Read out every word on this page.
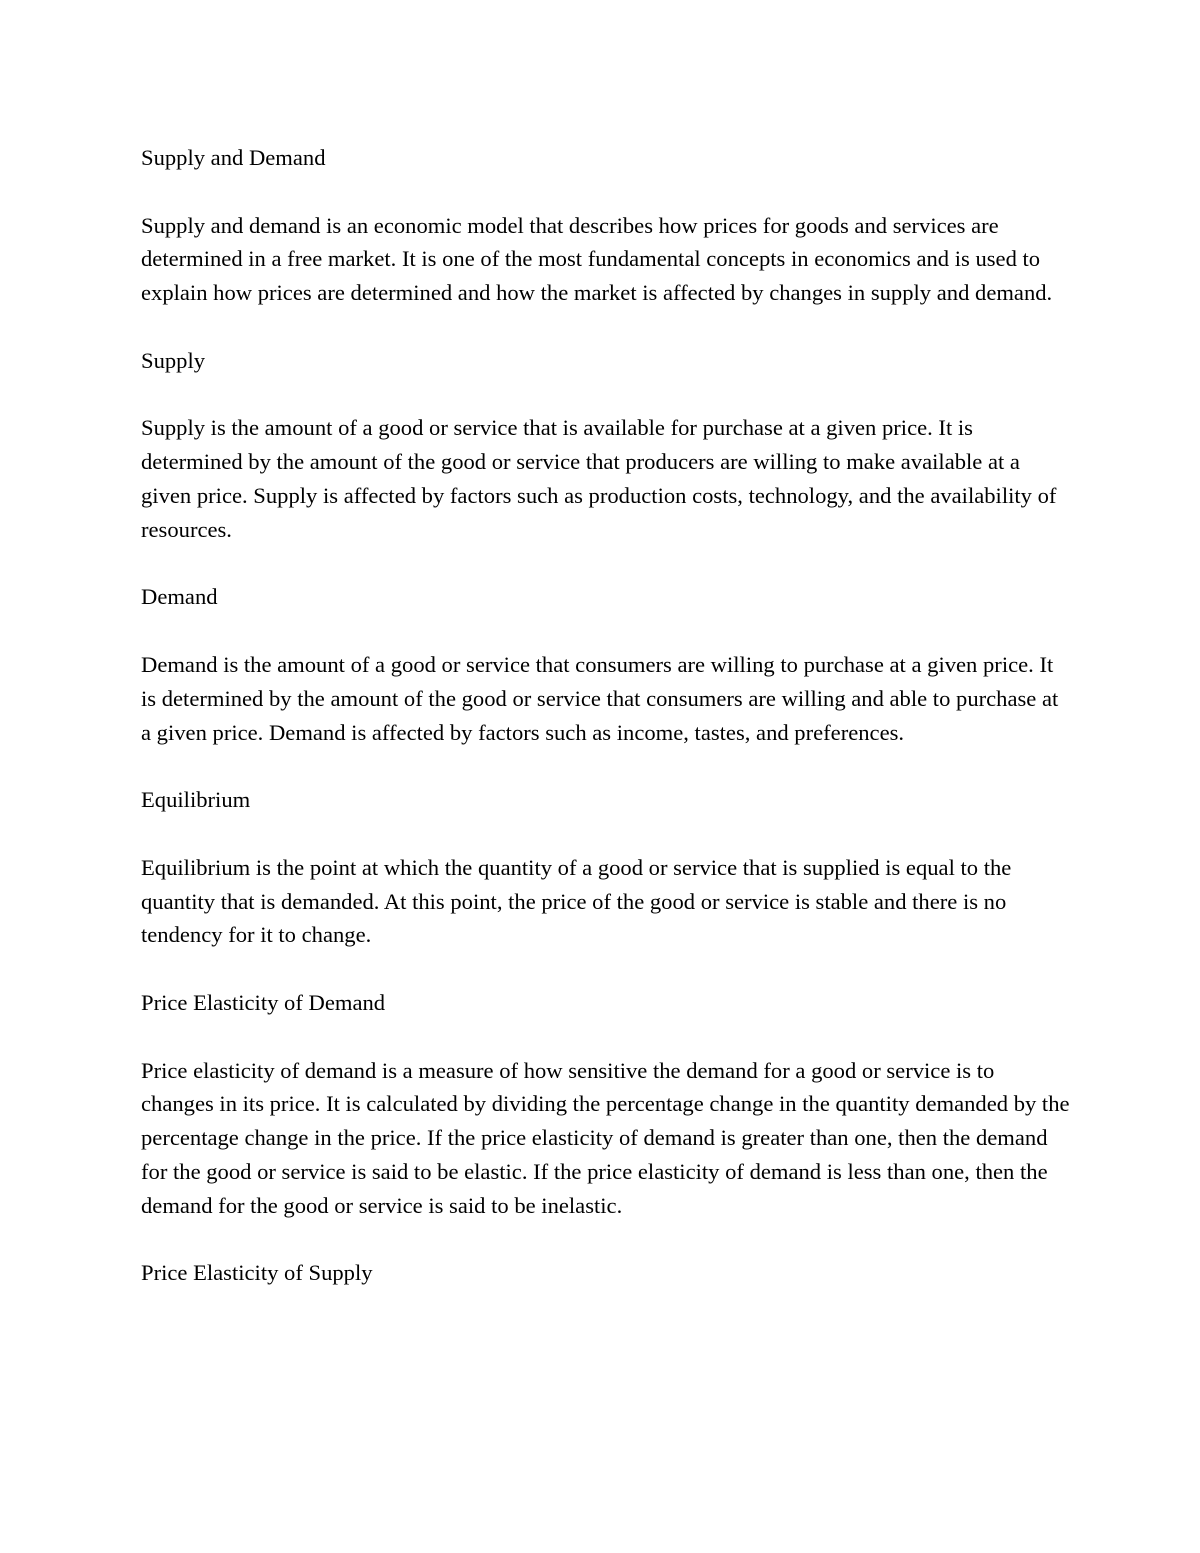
Supply and Demand

Supply and demand is an economic model that describes how prices for goods and services are determined in a free market. It is one of the most fundamental concepts in economics and is used to explain how prices are determined and how the market is affected by changes in supply and demand.

Supply

Supply is the amount of a good or service that is available for purchase at a given price. It is determined by the amount of the good or service that producers are willing to make available at a given price. Supply is affected by factors such as production costs, technology, and the availability of resources.

Demand

Demand is the amount of a good or service that consumers are willing to purchase at a given price. It is determined by the amount of the good or service that consumers are willing and able to purchase at a given price. Demand is affected by factors such as income, tastes, and preferences.

Equilibrium

Equilibrium is the point at which the quantity of a good or service that is supplied is equal to the quantity that is demanded. At this point, the price of the good or service is stable and there is no tendency for it to change.

Price Elasticity of Demand

Price elasticity of demand is a measure of how sensitive the demand for a good or service is to changes in its price. It is calculated by dividing the percentage change in the quantity demanded by the percentage change in the price. If the price elasticity of demand is greater than one, then the demand for the good or service is said to be elastic. If the price elasticity of demand is less than one, then the demand for the good or service is said to be inelastic.

Price Elasticity of Supply
